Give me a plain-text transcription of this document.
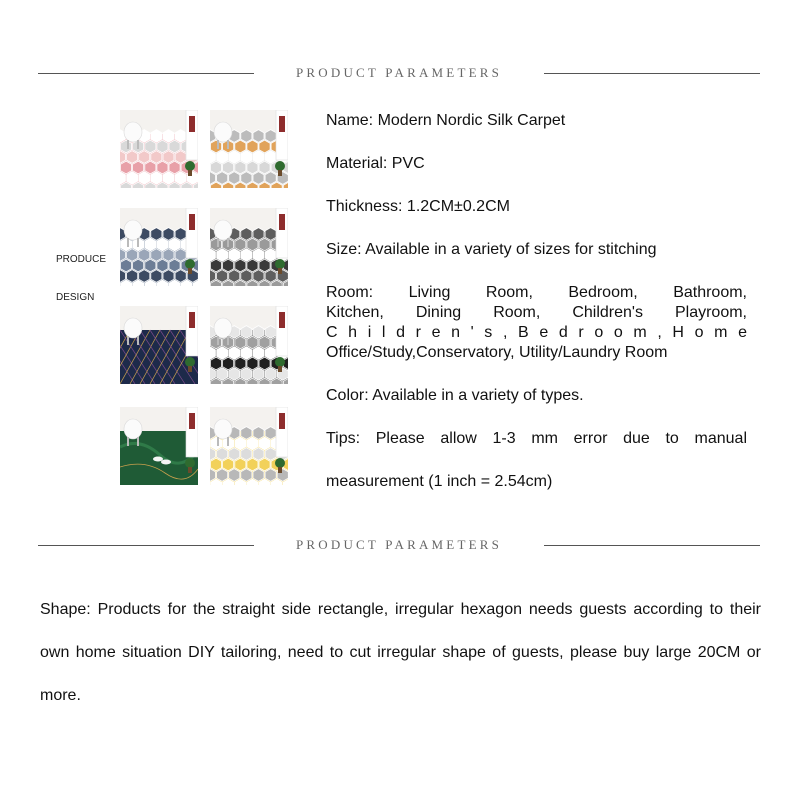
PRODUCT PARAMETERS
PRODUCE
DESIGN
Name: Modern Nordic Silk Carpet
Material: PVC
Thickness: 1.2CM±0.2CM
Size: Available in a variety of sizes for stitching
Room: Living Room, Bedroom, Bathroom,
Kitchen, Dining Room, Children's Playroom,
C h i l d r e n ' s , B e d r o o m , H o m e
Office/Study,Conservatory, Utility/Laundry Room
Color: Available in a variety of types.
Tips: Please allow 1-3 mm error due to manual
measurement (1 inch = 2.54cm)
PRODUCT PARAMETERS
Shape: Products for the straight side rectangle, irregular hexagon needs guests according to their own home situation DIY tailoring, need to cut irregular shape of guests, please buy large 20CM or more.
